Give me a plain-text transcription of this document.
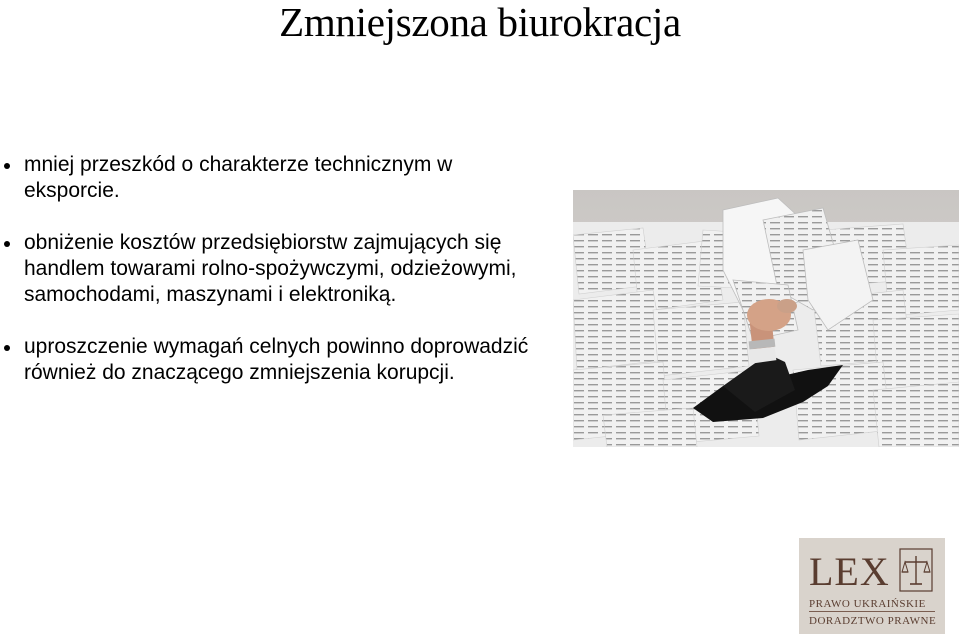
Zmniejszona biurokracja
mniej przeszkód o charakterze technicznym w eksporcie.
obniżenie kosztów przedsiębiorstw zajmujących się handlem towarami rolno-spożywczymi, odzieżowymi, samochodami, maszynami i elektroniką.
uproszczenie wymagań celnych powinno doprowadzić również do znaczącego zmniejszenia korupcji.
LEX
PRAWO UKRAIŃSKIE
DORADZTWO PRAWNE
